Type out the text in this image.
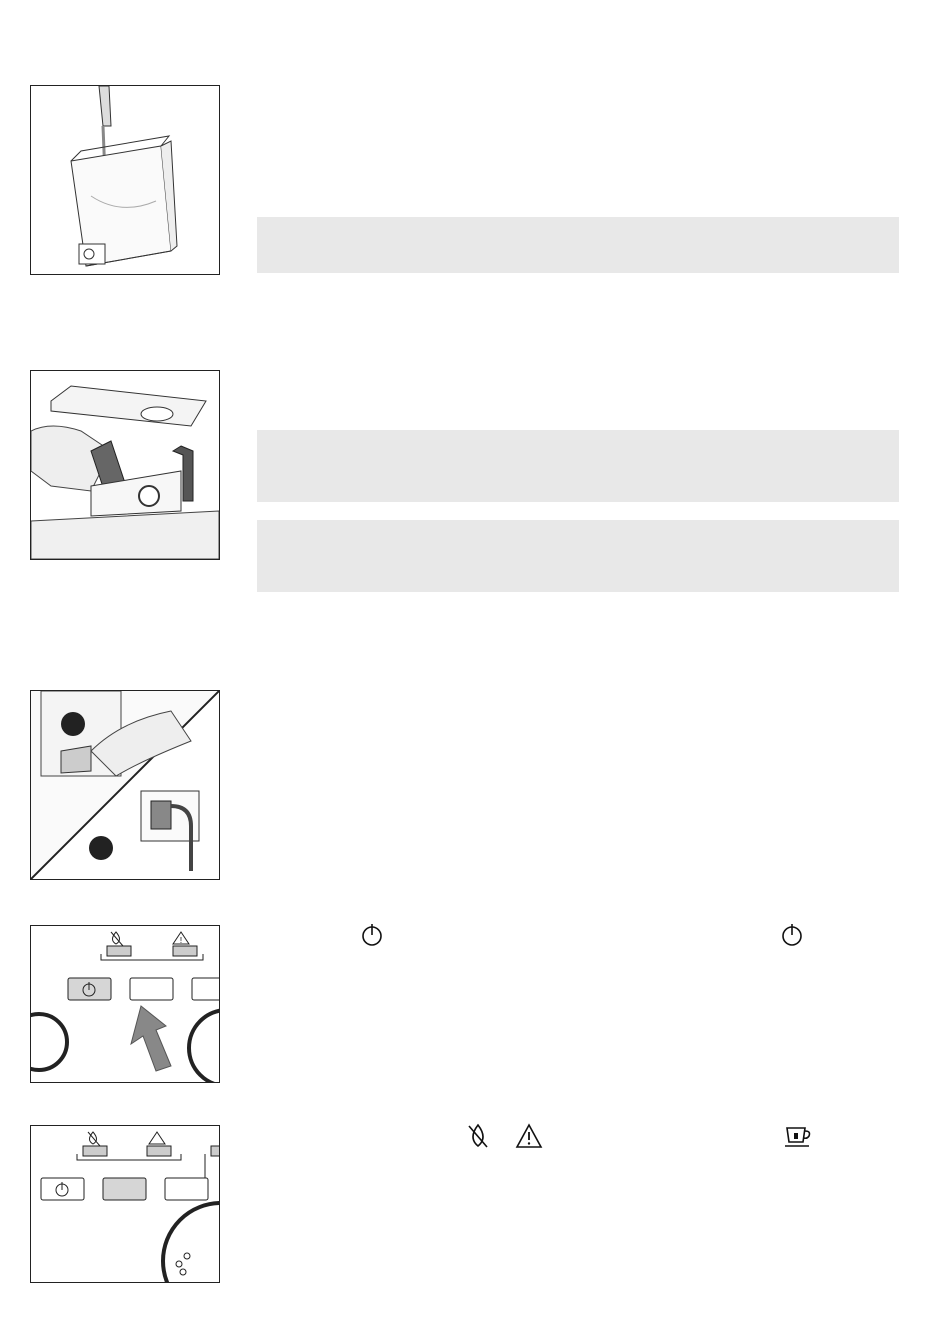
!
